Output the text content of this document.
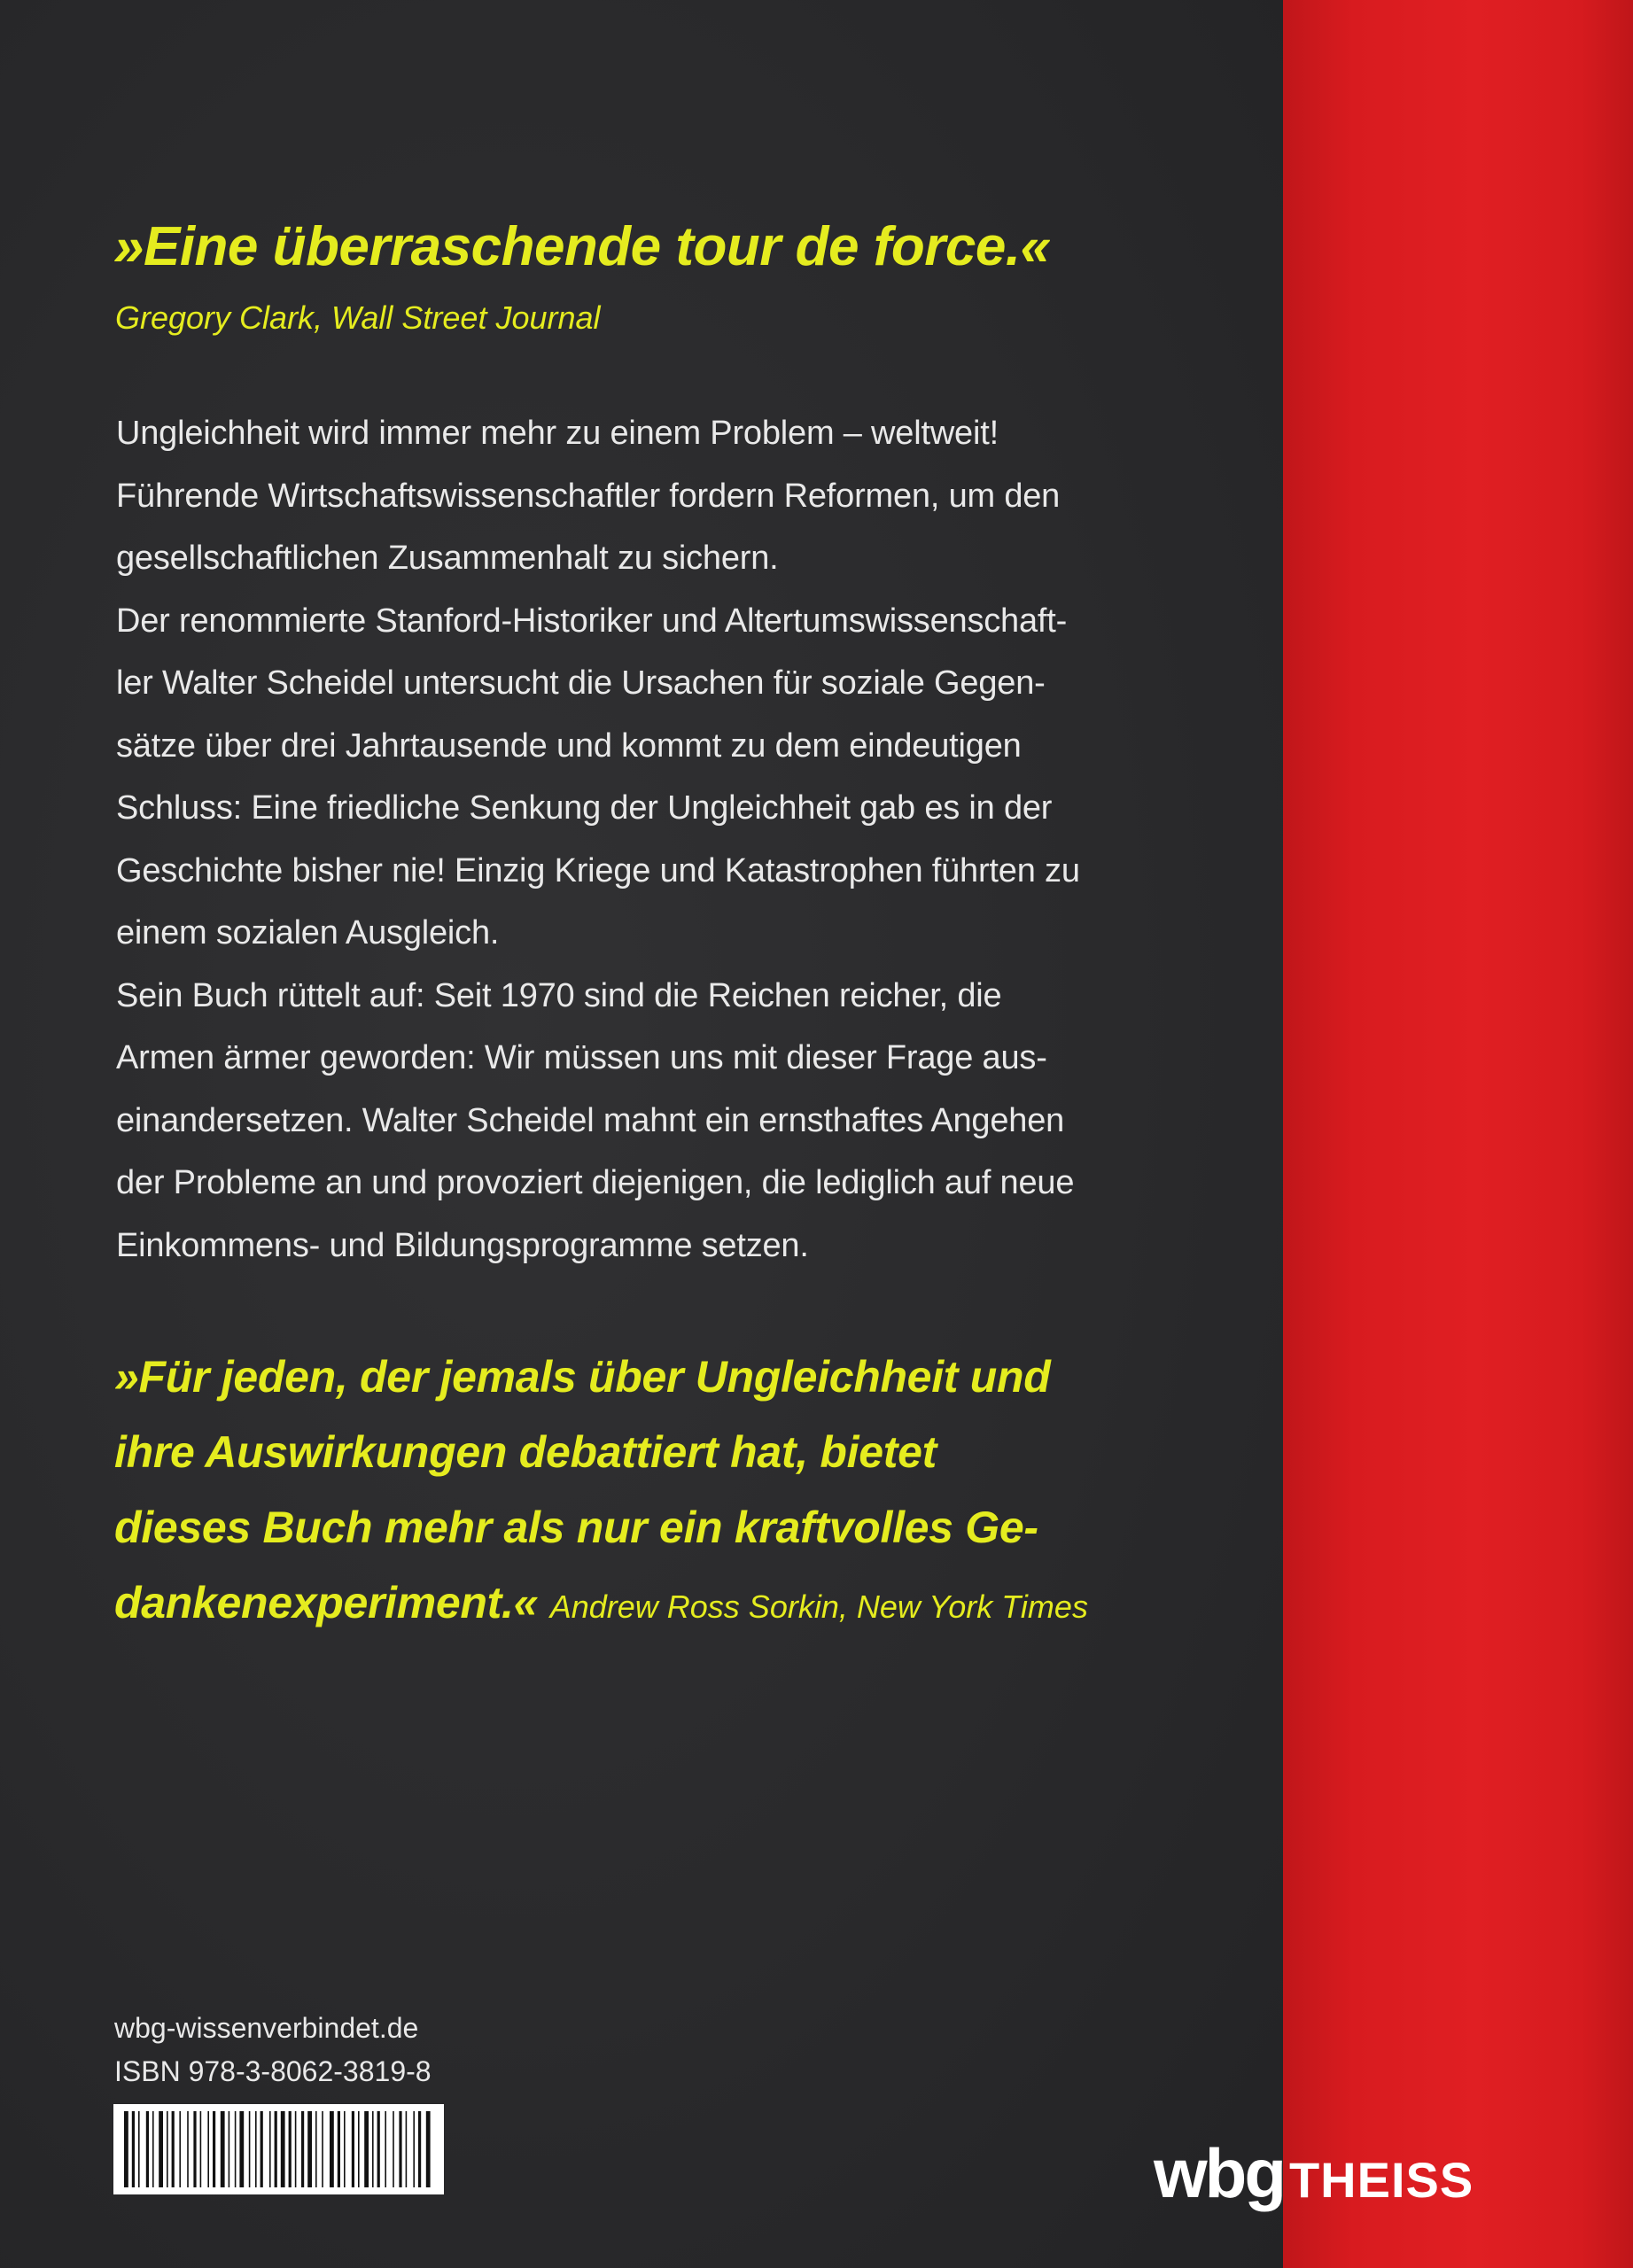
»Eine überraschende tour de force.«
Gregory Clark, Wall Street Journal

Ungleichheit wird immer mehr zu einem Problem – weltweit!
Führende Wirtschaftswissenschaftler fordern Reformen, um den
gesellschaftlichen Zusammenhalt zu sichern.
Der renommierte Stanford-Historiker und Altertumswissenschaft-
ler Walter Scheidel untersucht die Ursachen für soziale Gegen-
sätze über drei Jahrtausende und kommt zu dem eindeutigen
Schluss: Eine friedliche Senkung der Ungleichheit gab es in der
Geschichte bisher nie! Einzig Kriege und Katastrophen führten zu
einem sozialen Ausgleich.
Sein Buch rüttelt auf: Seit 1970 sind die Reichen reicher, die
Armen ärmer geworden: Wir müssen uns mit dieser Frage aus-
einandersetzen. Walter Scheidel mahnt ein ernsthaftes Angehen
der Probleme an und provoziert diejenigen, die lediglich auf neue
Einkommens- und Bildungsprogramme setzen.

»Für jeden, der jemals über Ungleichheit und
ihre Auswirkungen debattiert hat, bietet
dieses Buch mehr als nur ein kraftvolles Ge-
dankenexperiment.« Andrew Ross Sorkin, New York Times
wbg-wissenverbindet.de
ISBN 978-3-8062-3819-8
wbg THEISS
